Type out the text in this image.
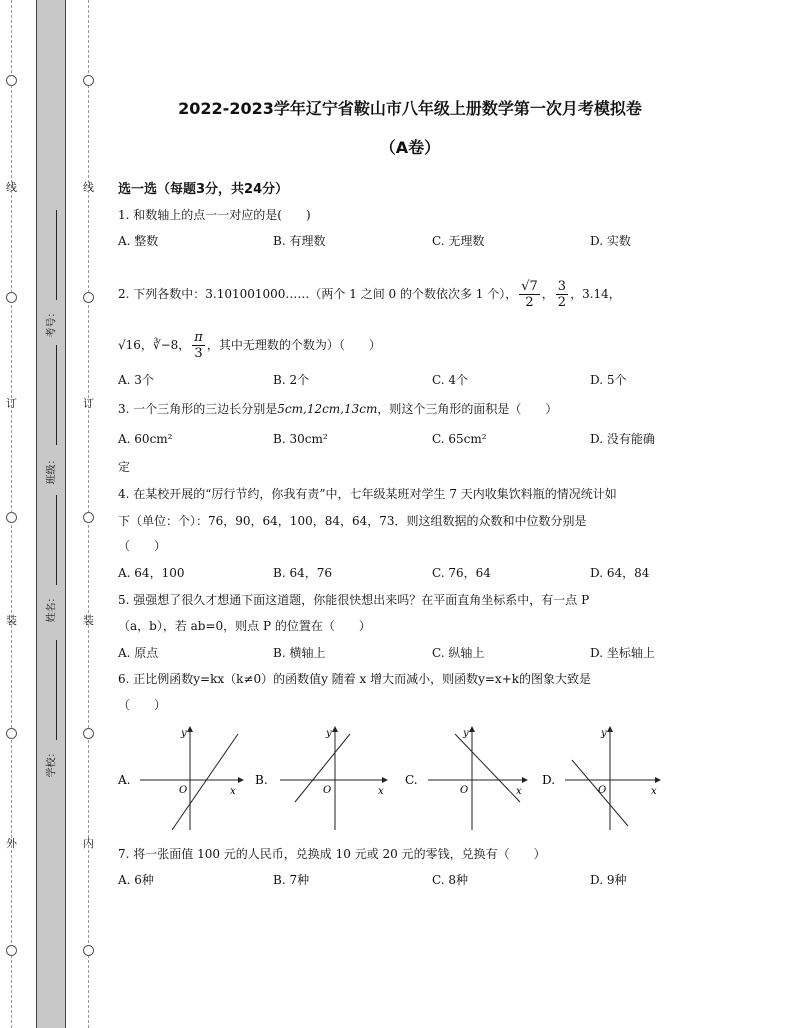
线
订
装
外
线
订
装
内
考号：
班级：
姓名：
学校：
2022-2023学年辽宁省鞍山市八年级上册数学第一次月考模拟卷
（A卷）
选一选（每题3分，共24分）
1. 和数轴上的点一一对应的是(　　)
A. 整数	B. 有理数	C. 无理数	D. 实数
2. 下列各数中：3.101001000……（两个 1 之间 0 的个数依次多 1 个）， $\frac{√7}{2}$ ， $\frac{3}{2}$ ，3.14，
√16，∛−8， $\frac{\pi}{3}$ ，其中无理数的个数为）（　　）
A. 3个	B. 2个	C. 4个	D. 5个
3. 一个三角形的三边长分别是5cm,12cm,13cm，则这个三角形的面积是（　　）
A. 60cm²	B. 30cm²	C. 65cm²	D. 没有能确
定
4. 在某校开展的“厉行节约，你我有责”中，七年级某班对学生 7 天内收集饮料瓶的情况统计如
下（单位：个）：76，90，64，100，84，64，73．则这组数据的众数和中位数分别是
（　　）
A. 64，100	B. 64，76	C. 76，64	D. 64，84
5. 强强想了很久才想通下面这道题，你能很快想出来吗？在平面直角坐标系中，有一点 P
（a，b），若 ab=0，则点 P 的位置在（　　）
A. 原点	B. 横轴上	C. 纵轴上	D. 坐标轴上
6. 正比例函数y=kx（k≠0）的函数值y 随着 x 增大而减小，则函数y=x+k的图象大致是
（　　）
A.
x
y
O
B.
x
y
O
C.
x
y
O
D.
x
y
O
7. 将一张面值 100 元的人民币，兑换成 10 元或 20 元的零钱，兑换有（　　）
A. 6种	B. 7种	C. 8种	D. 9种
